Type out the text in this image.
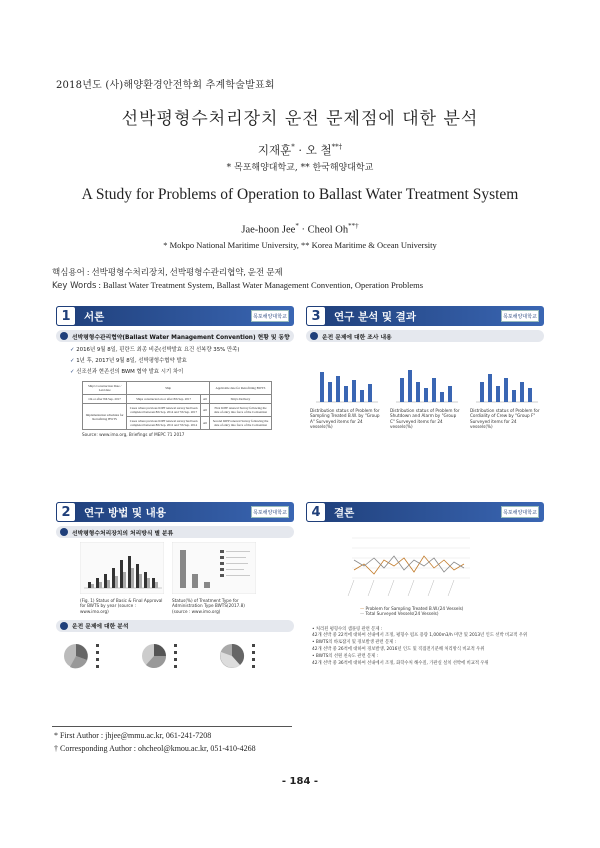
2018년도 (사)해양환경안전학회 추계학술발표회
선박평형수처리장치 운전 문제점에 대한 분석
지재훈* · 오 철**†
* 목포해양대학교, ** 한국해양대학교
A Study for Problems of Operation to Ballast Water Treatment System
Jae-hoon Jee* · Cheol Oh**†
* Mokpo National Maritime University, ** Korea Maritime & Ocean University
핵심용어 : 선박평형수처리장치, 선박평형수관리협약, 운전 문제
Key Words : Ballast Water Treatment System, Ballast Water Management Convention, Operation Problems
1	서론	목포해양대학교
선박평형수관리협약(Ballast Water Management Convention) 현황 및 동향
✓ 2016년 9월 8일, 핀란드 최종 비준(선박발효 요건 선복량 35% 만족)
✓ 1년 후, 2017년 9월 8일, 선박평형수협약 발효
✓ 신조선과 현존선의 BWM 협약 발효 시기 차이
Ship's Construction Date / Laid date	Ship		Applicable date for Retrofitting BWTS
On or after 8th Sep. 2017	Ships constructed on or after 8th Sep. 2017	All	Ship's Delivery
Implementation schedules for Retrofitting BWTS	Cases where previous IOPP renewal survey had been completed between 8th Sep. 2014 and 7th Sep. 2017	All	First IOPP renewal Survey following the date of entry into force of the Convention
	Cases where previous IOPP renewal survey had been completed between 8th Sep. 2012 and 7th Sep. 2014	All	Second IOPP renewal Survey following the date of entry into force of the Convention
Source: www.imo.org, Briefings of MEPC 71 2017
3	연구 분석 및 결과	목포해양대학교
운전 문제에 대한 조사 내용
Distribution status of Problem for Sampling Treated B.W. by "Group A" Surveyed items for 24 vessels(%)
Distribution status of Problem for Shutdown and Alarm by "Group C" Surveyed items for 24 vessels(%)
Distribution status of Problem for Cordiality of Crew by "Group F" Surveyed items for 24 vessels(%)
2	연구 방법 및 내용	목포해양대학교
선박평형수처리장치의 처리방식 별 분류
(Fig. 1) Status of Basic & Final Approval for BWTS by year (source : www.imo.org)
Status(%) of Treatment Type for Administration Type BWTS(2017.8) (source : www.imo.org)
운전 문제에 대한 분석
4	결론	목포해양대학교
— Problem for Sampling Treated B.W.(24 Vessels)
— Total Surveyed Vessels(24 Vessels)
• 처리된 평형수의 샘플링 관련 문제 :
42개 선박 중 22척에 대하여 선내에서 조정, 평형수 펌프 용량 1,000m3/h 미만 및 2013년 인도 선박 비교적 우위
• BWTS의 바로잡지 및 경보발생 관련 문제 :
42개 선박 중 26척에 대하여 경보발생, 2016년 인도 및 직접전기분해 처리방식 비교적 우위
• BWTS의 선원 친숙도 관련 문제 :
42개 선박 중 36척에 대하여 선내에서 조정, 화학수처 해수질, 가관실 설치 선박에 비교적 우위
* First Author : jhjee@mmu.ac.kr, 061-241-7208
† Corresponding Author : ohcheol@kmou.ac.kr, 051-410-4268
- 184 -
